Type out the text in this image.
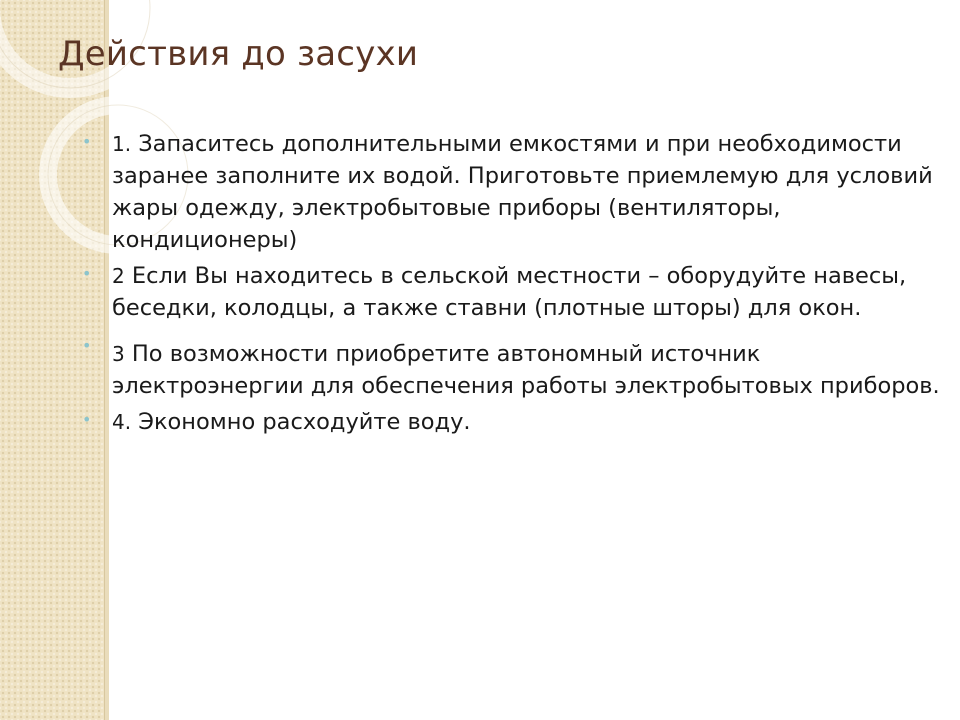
Действия до засухи
• 1. Запаситесь дополнительными емкостями и при необходимости заранее заполните их водой. Приготовьте приемлемую для условий жары одежду, электробытовые приборы (вентиляторы, кондиционеры)
• 2 Если Вы находитесь в сельской местности – оборудуйте навесы, беседки, колодцы, а также ставни (плотные шторы) для окон.
• 3 По возможности приобретите автономный источник электроэнергии для обеспечения работы электробытовых приборов.
• 4. Экономно расходуйте воду.
